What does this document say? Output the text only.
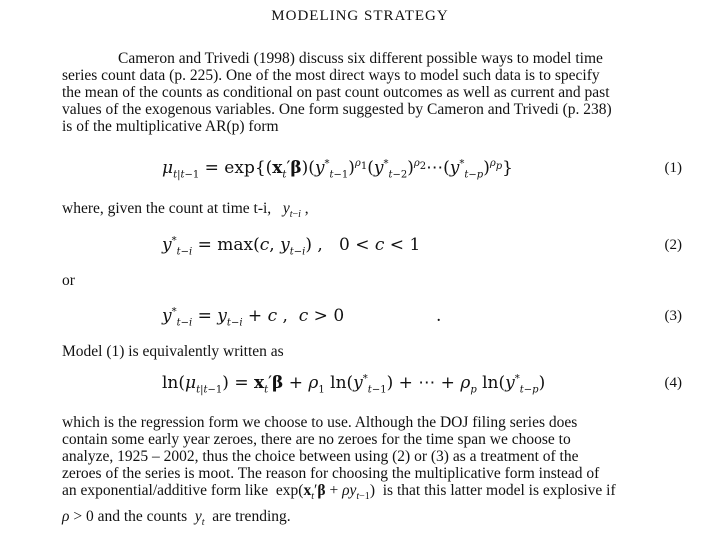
MODELING STRATEGY

Cameron and Trivedi (1998) discuss six different possible ways to model time
series count data (p. 225). One of the most direct ways to model such data is to specify
the mean of the counts as conditional on past count outcomes as well as current and past
values of the exogenous variables. One form suggested by Cameron and Trivedi (p. 238)
is of the multiplicative AR(p) form

$\mu_{t|t-1}$ = $\exp\{(x_t'\beta)(y^*_{t-1})^{\rho_1}(y^*_{t-2})^{\rho_2}\cdots(y^*_{t-p})^{\rho_p}\}$	(1)
where, given the count at time t-i, $y_{t-i}$ ,
$y^*_{t-i} = \max(c$, $y_{t-i}$) ,   0 < c < 1	(2)
or
$y^*_{t-i} = y_{t-i} + c$ ,  c > 0                 .	(3)
Model (1) is equivalently written as
$\ln(\mu_{t|t-1}) = x_t'\beta + \rho_1$ $\ln(y^*_{t-1})$ + ⋯ + $\rho_p$ $\ln(y^*_{t-p})$	(4)

which is the regression form we choose to use. Although the DOJ filing series does
contain some early year zeroes, there are no zeroes for the time span we choose to
analyze, 1925 – 2002, thus the choice between using (2) or (3) as a treatment of the
zeroes of the series is moot. The reason for choosing the multiplicative form instead of
an exponential/additive form like  $\exp(x_t'\beta + \rho y_{t-1})$  is that this latter model is explosive if
ρ > 0 and the counts $y_t$ are trending.
